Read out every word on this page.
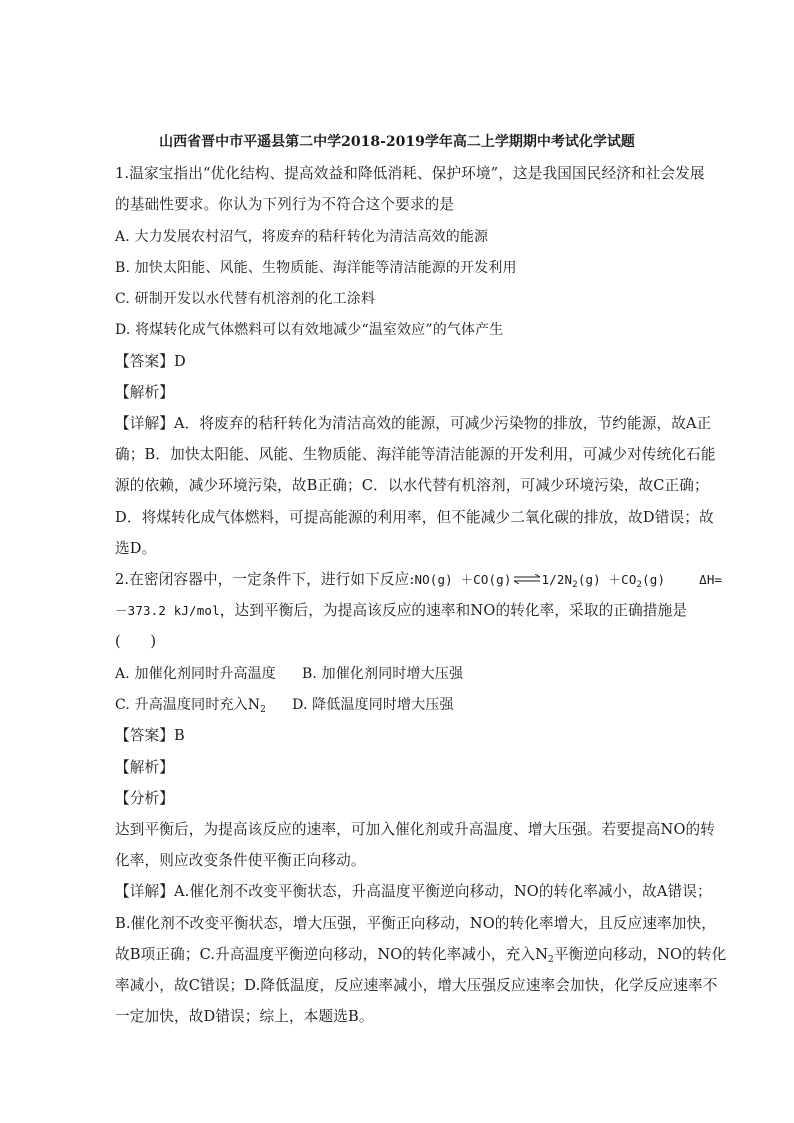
山西省晋中市平遥县第二中学2018-2019学年高二上学期期中考试化学试题
1.温家宝指出“优化结构、提高效益和降低消耗、保护环境”，这是我国国民经济和社会发展
的基础性要求。你认为下列行为不符合这个要求的是
A. 大力发展农村沼气，将废弃的秸秆转化为清洁高效的能源
B. 加快太阳能、风能、生物质能、海洋能等清洁能源的开发利用
C. 研制开发以水代替有机溶剂的化工涂料
D. 将煤转化成气体燃料可以有效地减少“温室效应”的气体产生
【答案】D
【解析】
【详解】A．将废弃的秸秆转化为清洁高效的能源，可减少污染物的排放，节约能源，故A正
确；B．加快太阳能、风能、生物质能、海洋能等清洁能源的开发利用，可减少对传统化石能
源的依赖，减少环境污染，故B正确；C．以水代替有机溶剂，可减少环境污染，故C正确；
D．将煤转化成气体燃料，可提高能源的利用率，但不能减少二氧化碳的排放，故D错误；故
选D。
2.在密闭容器中，一定条件下，进行如下反应:NO(g) $+CO(g)\rightleftharpoons 1/2N_2(g) +CO_2(g)$	ΔH=
－373.2 kJ/mol，达到平衡后，为提高该反应的速率和NO的转化率，采取的正确措施是
(　　)
A. 加催化剂同时升高温度 B. 加催化剂同时增大压强
C. 升高温度同时充入$N_2$ D. 降低温度同时增大压强
【答案】B
【解析】
【分析】
达到平衡后，为提高该反应的速率，可加入催化剂或升高温度、增大压强。若要提高NO的转
化率，则应改变条件使平衡正向移动。
【详解】A.催化剂不改变平衡状态，升高温度平衡逆向移动，NO的转化率减小，故A错误；
B.催化剂不改变平衡状态，增大压强，平衡正向移动，NO的转化率增大，且反应速率加快，
故B项正确；C.升高温度平衡逆向移动，NO的转化率减小，充入$N_2$平衡逆向移动，NO的转化
率减小，故C错误；D.降低温度，反应速率减小，增大压强反应速率会加快，化学反应速率不
一定加快，故D错误；综上，本题选B。
